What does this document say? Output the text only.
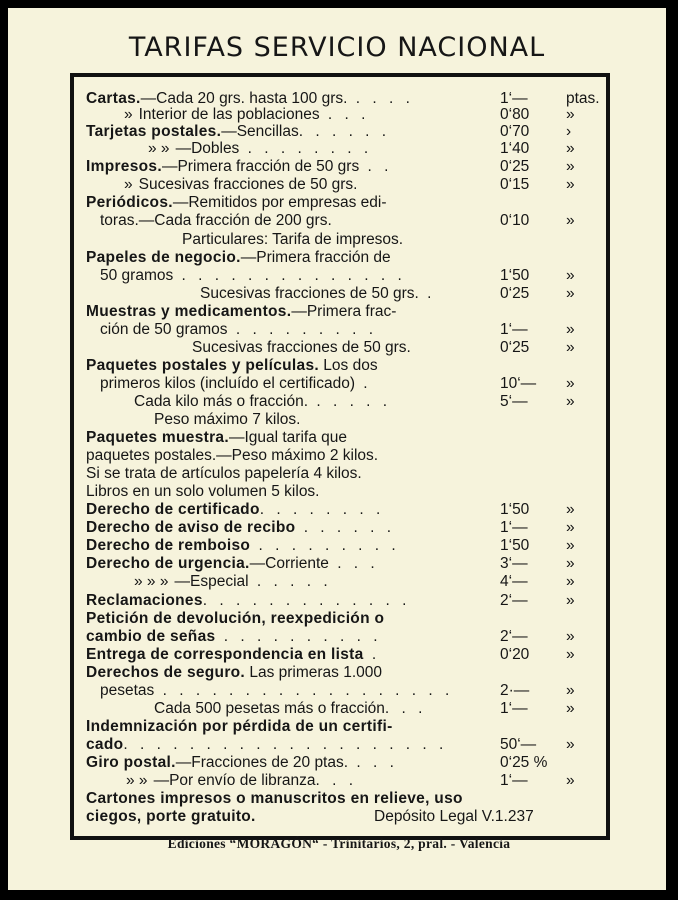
TARIFAS SERVICIO NACIONAL
Cartas.—Cada 20 grs. hasta 100 grs. . . . .	1‘— ptas.
» Interior de las poblaciones . . .	0‘80 »
Tarjetas postales.—Sencillas. . . . . .	0‘70 ›
» » —Dobles . . . . . . . .	1‘40 »
Impresos.—Primera fracción de 50 grs . .	0‘25 »
» Sucesivas fracciones de 50 grs.	0‘15 »
Periódicos.—Remitidos por empresas edi-
toras.—Cada fracción de 200 grs.	0‘10 »
Particulares: Tarifa de impresos.
Papeles de negocio.—Primera fracción de
50 gramos . . . . . . . . . . . . . .	1‘50 »
Sucesivas fracciones de 50 grs. .	0‘25 »
Muestras y medicamentos.—Primera frac-
ción de 50 gramos . . . . . . . . .	1‘— »
Sucesivas fracciones de 50 grs.	0‘25 »
Paquetes postales y películas. Los dos
primeros kilos (incluído el certificado) .	10‘— »
Cada kilo más o fracción. . . . . .	5‘— »
Peso máximo 7 kilos.
Paquetes muestra.—Igual tarifa que
paquetes postales.—Peso máximo 2 kilos.
Si se trata de artículos papelería 4 kilos.
Libros en un solo volumen 5 kilos.
Derecho de certificado. . . . . . . .	1‘50 »
Derecho de aviso de recibo . . . . . .	1‘— »
Derecho de remboiso . . . . . . . . .	1‘50 »
Derecho de urgencia.—Corriente . . .	3‘— »
» » » —Especial . . . . .	4‘— »
Reclamaciones. . . . . . . . . . . . .	2‘— »
Petición de devolución, reexpedición o
cambio de señas . . . . . . . . . .	2‘— »
Entrega de correspondencia en lista .	0‘20 »
Derechos de seguro. Las primeras 1.000
pesetas . . . . . . . . . . . . . . . . . .	2·— »
Cada 500 pesetas más o fracción. . .	1‘— »
Indemnización por pérdida de un certifi-
cado. . . . . . . . . . . . . . . . . . . .	50‘— »
Giro postal.—Fracciones de 20 ptas. . . .	0‘25 %
» » —Por envío de libranza. . .	1‘— »
Cartones impresos o manuscritos en relieve, uso
ciegos, porte gratuito.	Depósito Legal V.1.237
Ediciones “MORAGÓN“ - Trinitarios, 2, pral. - Valencia
